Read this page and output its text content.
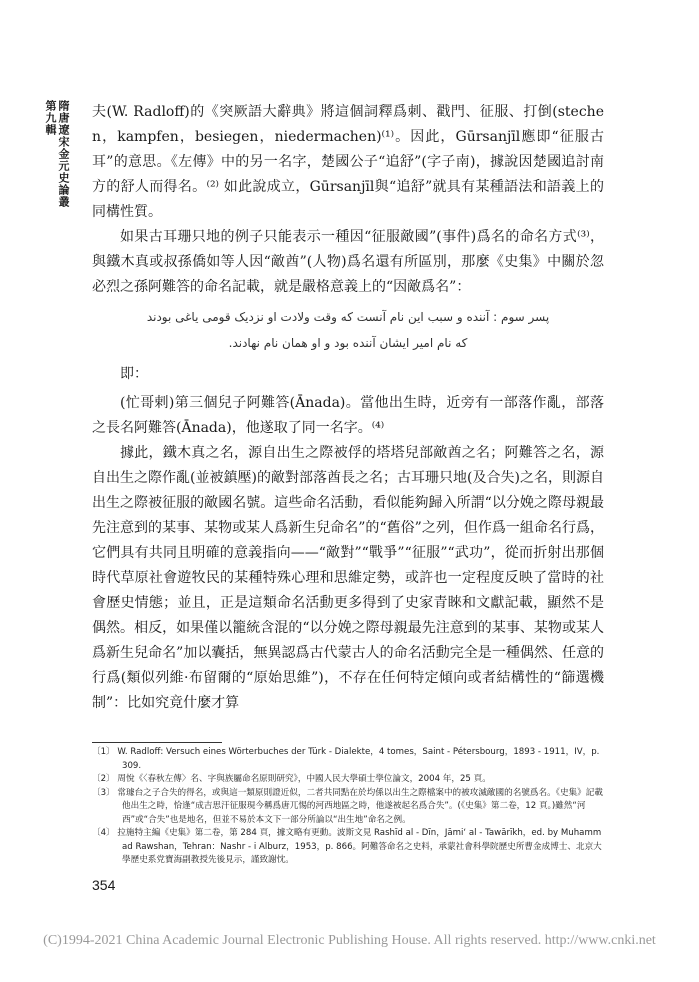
隋唐遼宋金元史論叢
第九輯	夫(W. Radloff)的《突厥語大辭典》將這個詞釋爲刺、戳門、征服、打倒(stechen，kampfen，besiegen，niedermachen)⁽¹⁾。因此，Gūrsanjīl應即“征服古耳”的意思。《左傳》中的另一名字，楚國公子“追舒”(字子南)，據說因楚國追討南方的舒人而得名。⁽²⁾ 如此說成立，Gūrsanjīl與“追舒”就具有某種語法和語義上的同構性質。

如果古耳珊只地的例子只能表示一種因“征服敵國”(事件)爲名的命名方式⁽³⁾，與鐵木真或叔孫僑如等人因“敵酋”(人物)爲名還有所區別，那麼《史集》中關於忽必烈之孫阿難答的命名記載，就是嚴格意義上的“因敵爲名”：

پسر سوم : آننده و سبب این نام آنست که وقت ولادت او نزدیک قومی یاغی بودند
که نام امیر ایشان آننده بود و او همان نام نهادند.

即：

(忙哥剌)第三個兒子阿難答(Ānada)。當他出生時，近旁有一部落作亂，部落之長名阿難答(Ānada)，他遂取了同一名字。⁽⁴⁾

據此，鐵木真之名，源自出生之際被俘的塔塔兒部敵酋之名；阿難答之名，源自出生之際作亂(並被鎮壓)的敵對部落酋長之名；古耳珊只地(及合失)之名，則源自出生之際被征服的敵國名號。這些命名活動，看似能夠歸入所謂“以分娩之際母親最先注意到的某事、某物或某人爲新生兒命名”的“舊俗”之列，但作爲一組命名行爲，它們具有共同且明確的意義指向——“敵對”“戰爭”“征服”“武功”，從而折射出那個時代草原社會遊牧民的某種特殊心理和思維定勢，或許也一定程度反映了當時的社會歷史情態；並且，正是這類命名活動更多得到了史家青睞和文獻記載，顯然不是偶然。相反，如果僅以籠統含混的“以分娩之際母親最先注意到的某事、某物或某人爲新生兒命名”加以囊括，無異認爲古代蒙古人的命名活動完全是一種偶然、任意的行爲(類似列維·布留爾的“原始思維”)，不存在任何特定傾向或者結構性的“篩選機制”：比如究竟什麼才算

〔1〕 W. Radloff: Versuch eines Wörterbuches der Türk - Dialekte，4 tomes，Saint - Pétersbourg，1893 - 1911，IV，p. 309.

〔2〕 周悅《〈春秋左傳〉名、字與族屬命名原則研究》，中國人民大學碩士學位論文，2004 年，25 頁。

〔3〕 常璩台之子合失的得名，或與這一類原則證近似，二者共同點在於均係以出生之際檔案中的被攻滅敵國的名號爲名。《史集》記載他出生之時，恰逢“成吉思汗征服現今稱爲唐兀惕的河西地區之時，他遂被起名爲合失”。(《史集》第二卷，12 頁。)雖然“河西”或“合失”也是地名，但並不易於本文下一部分所論以“出生地”命名之例。

〔4〕 拉施特主編《史集》第二卷，第 284 頁，據文略有更動。波斯文見 Rashīd al - Dīn，Jāmi‘ al - Tawārīkh，ed. by Muhammad Rawshan，Tehran：Nashr - i Alburz，1953，p. 866。阿難答命名之史料，承蒙社會科學院歷史所曹金成博士、北京大學歷史系党寶海副教授先後見示，謹致謝忱。

354
(C)1994-2021 China Academic Journal Electronic Publishing House. All rights reserved. http://www.cnki.net
